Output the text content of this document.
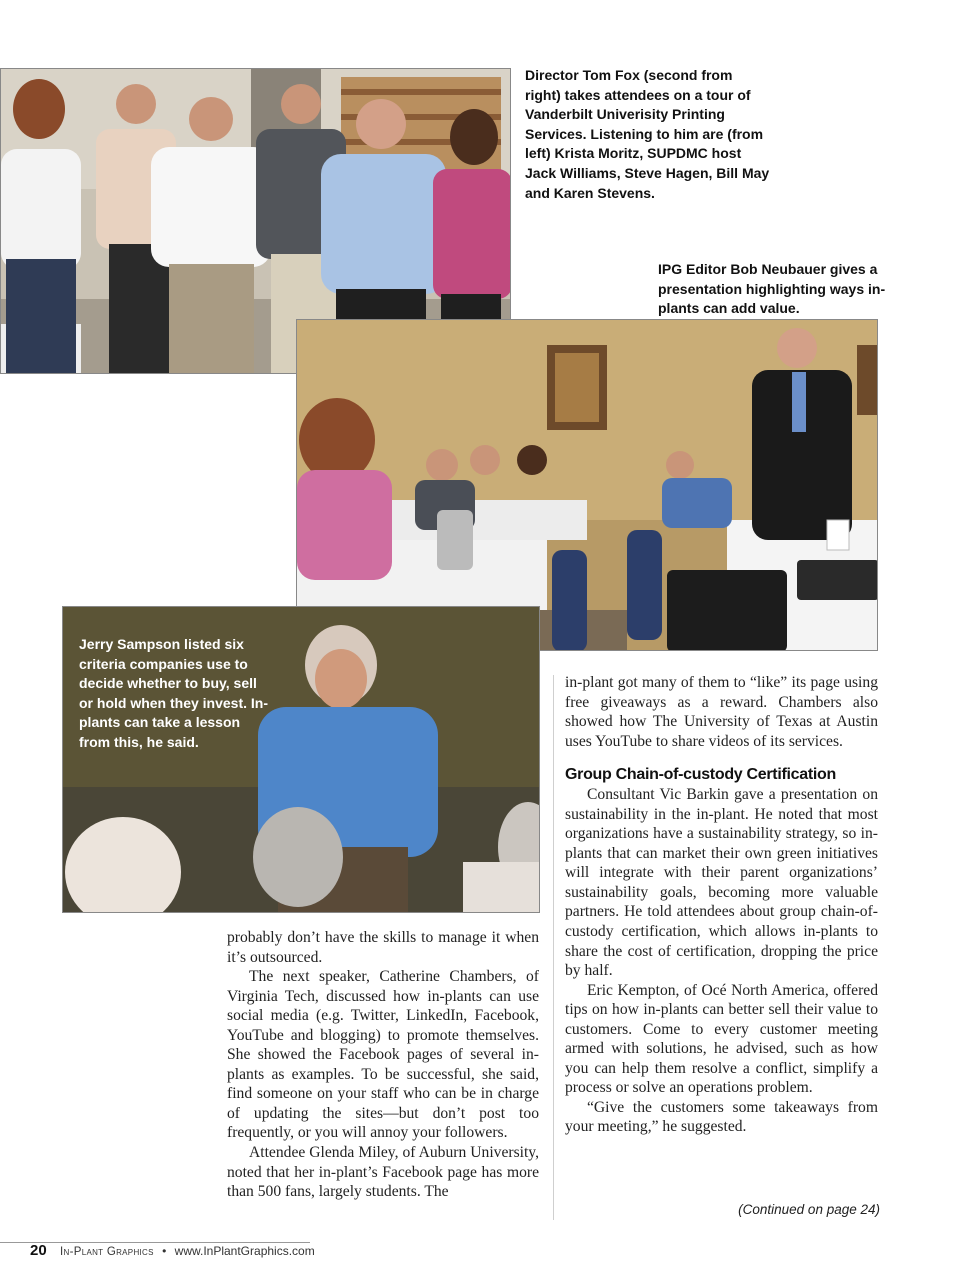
Director Tom Fox (second from right) takes attendees on a tour of Vanderbilt Univerisity Printing Services. Listening to him are (from left) Krista Moritz, SUPDMC host Jack Williams, Steve Hagen, Bill May and Karen Stevens.

IPG Editor Bob Neubauer gives a presentation highlighting ways in-plants can add value.

Jerry Sampson listed six criteria companies use to decide whether to buy, sell or hold when they invest. In-plants can take a lesson from this, he said.

probably don’t have the skills to manage it when it’s outsourced.

The next speaker, Catherine Chambers, of Virginia Tech, discussed how in-plants can use social media (e.g. Twitter, LinkedIn, Facebook, YouTube and blogging) to promote themselves. She showed the Facebook pages of several in-plants as examples. To be successful, she said, find someone on your staff who can be in charge of updating the sites—but don’t post too frequently, or you will annoy your followers.

Attendee Glenda Miley, of Auburn University, noted that her in-plant’s Facebook page has more than 500 fans, largely students. The

in-plant got many of them to “like” its page using free giveaways as a reward. Chambers also showed how The University of Texas at Austin uses YouTube to share videos of its services.

Group Chain-of-custody Certification

Consultant Vic Barkin gave a presentation on sustainability in the in-plant. He noted that most organizations have a sustainability strategy, so in-plants that can market their own green initiatives will integrate with their parent organizations’ sustainability goals, becoming more valuable partners. He told attendees about group chain-of-custody certification, which allows in-plants to share the cost of certification, dropping the price by half.

Eric Kempton, of Océ North America, offered tips on how in-plants can better sell their value to customers. Come to every customer meeting armed with solutions, he advised, such as how you can help them resolve a conflict, simplify a process or solve an operations problem.

“Give the customers some takeaways from your meeting,” he suggested.

(Continued on page 24)
20 In-Plant Graphics • www.InPlantGraphics.com
